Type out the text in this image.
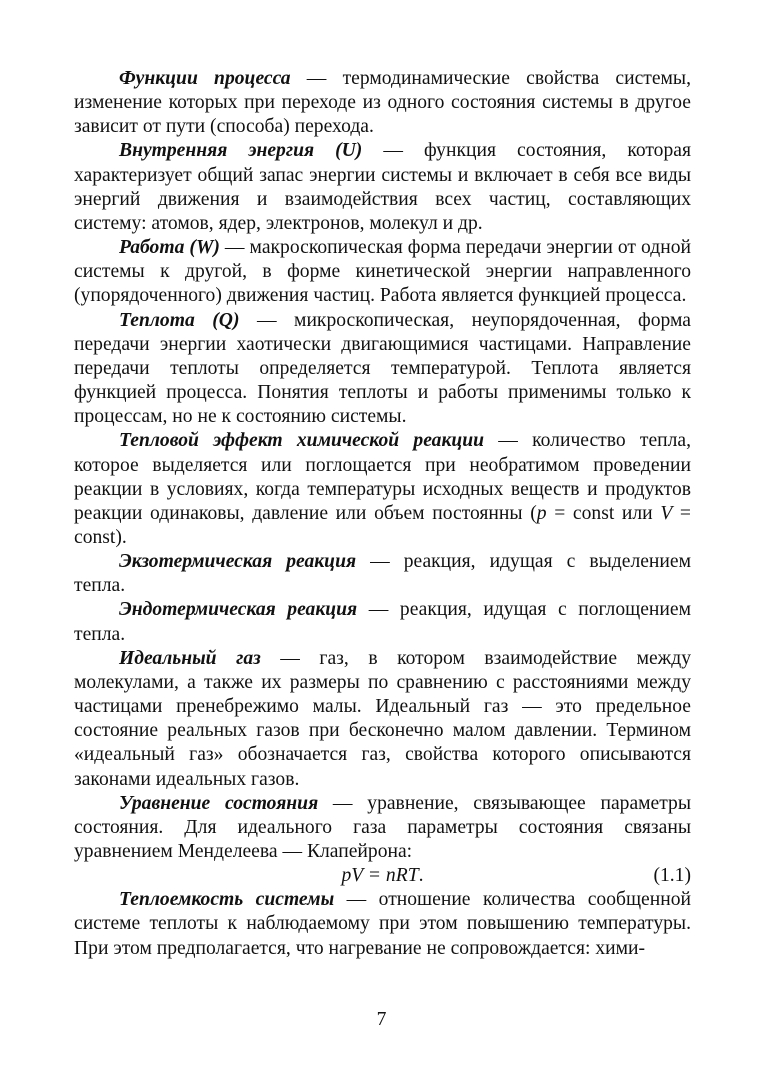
Функции процесса — термодинамические свойства системы, изменение которых при переходе из одного состояния системы в другое зависит от пути (способа) перехода.

Внутренняя энергия (U) — функция состояния, которая характеризует общий запас энергии системы и включает в себя все виды энергий движения и взаимодействия всех частиц, составляющих систему: атомов, ядер, электронов, молекул и др.

Работа (W) — макроскопическая форма передачи энергии от одной системы к другой, в форме кинетической энергии направленного (упорядоченного) движения частиц. Работа является функцией процесса.

Теплота (Q) — микроскопическая, неупорядоченная, форма передачи энергии хаотически двигающимися частицами. Направление передачи теплоты определяется температурой. Теплота является функцией процесса. Понятия теплоты и работы применимы только к процессам, но не к состоянию системы.

Тепловой эффект химической реакции — количество тепла, которое выделяется или поглощается при необратимом проведении реакции в условиях, когда температуры исходных веществ и продуктов реакции одинаковы, давление или объем постоянны (p = const или V = const).

Экзотермическая реакция — реакция, идущая с выделением тепла.

Эндотермическая реакция — реакция, идущая с поглощением тепла.

Идеальный газ — газ, в котором взаимодействие между молекулами, а также их размеры по сравнению с расстояниями между частицами пренебрежимо малы. Идеальный газ — это предельное состояние реальных газов при бесконечно малом давлении. Термином «идеальный газ» обозначается газ, свойства которого описываются законами идеальных газов.

Уравнение состояния — уравнение, связывающее параметры состояния. Для идеального газа параметры состояния связаны уравнением Менделеева — Клапейрона:

pV = nRT.	(1.1)

Теплоемкость системы — отношение количества сообщенной системе теплоты к наблюдаемому при этом повышению температуры. При этом предполагается, что нагревание не сопровождается: хими-

7
